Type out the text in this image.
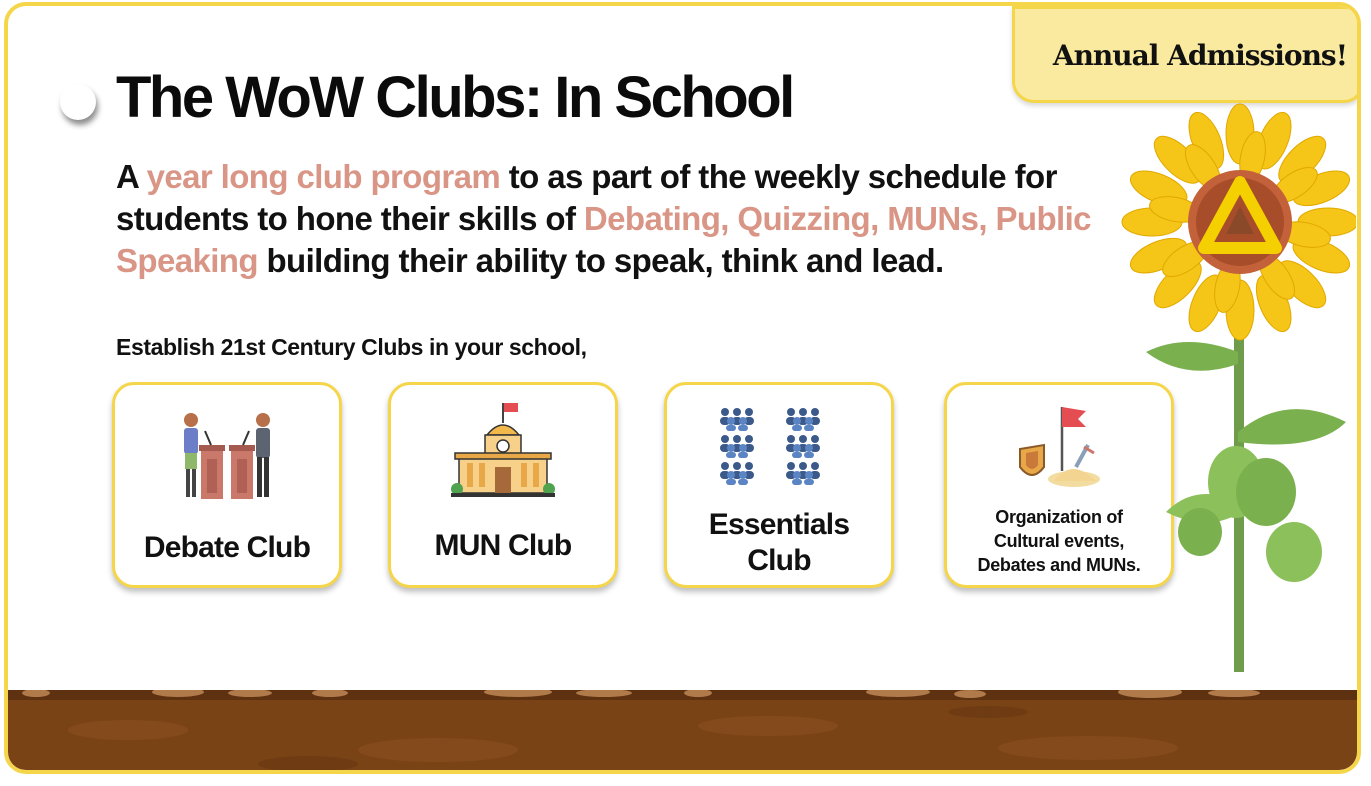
The WoW Clubs: In School
Annual Admissions!

A year long club program to as part of the weekly schedule for students to hone their skills of Debating, Quizzing, MUNs, Public Speaking building their ability to speak, think and lead.

Establish 21st Century Clubs in your school,
Debate Club	MUN Club
Essentials
Club
Organization of
Cultural events,
Debates and MUNs.
